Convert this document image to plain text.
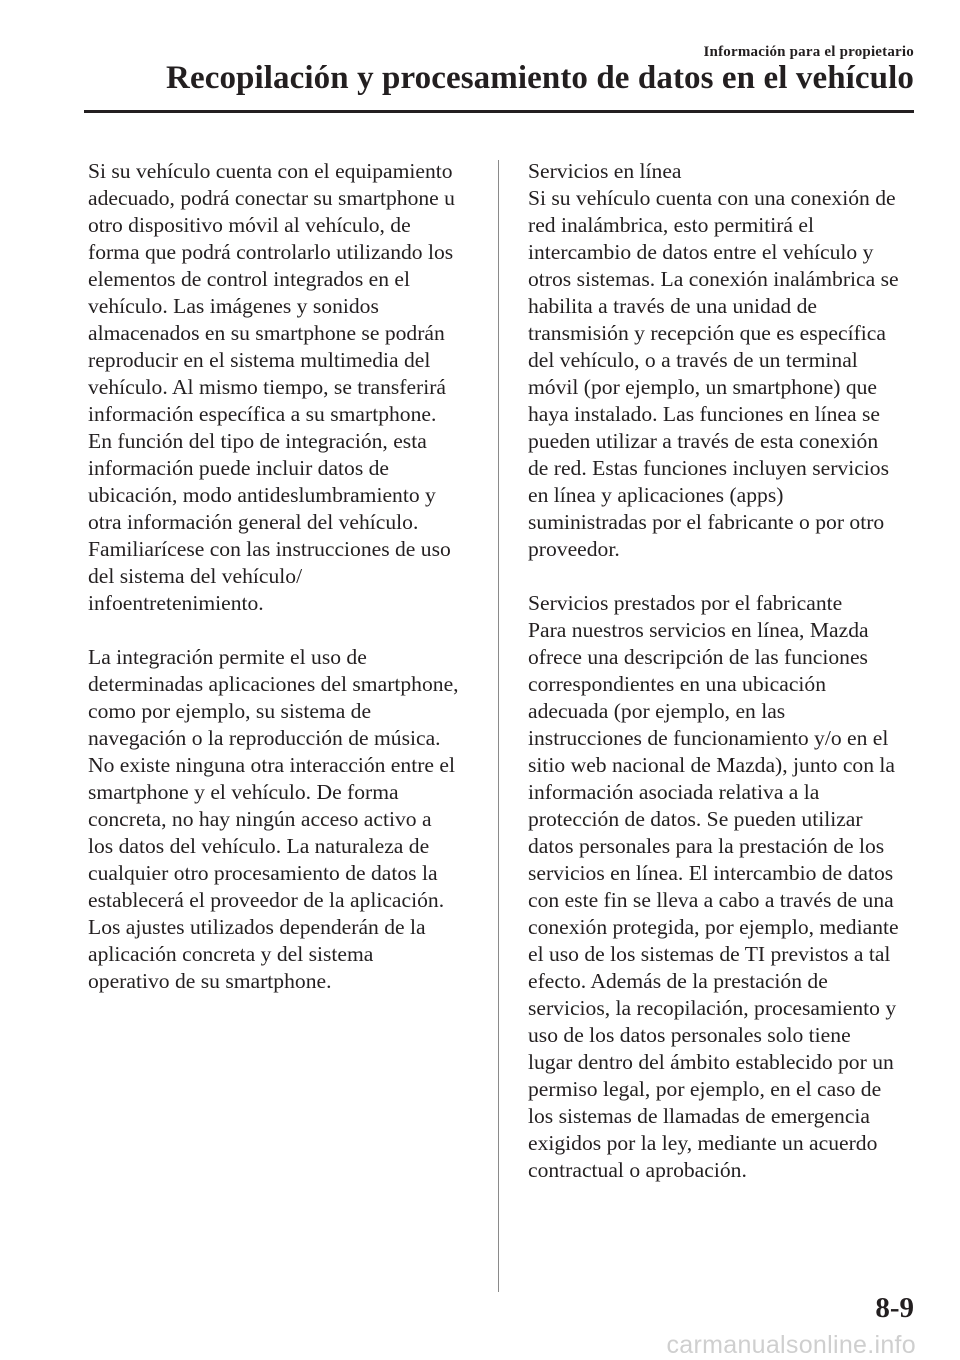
Información para el propietario
Recopilación y procesamiento de datos en el vehículo

Si su vehículo cuenta con el equipamiento
adecuado, podrá conectar su smartphone u
otro dispositivo móvil al vehículo, de
forma que podrá controlarlo utilizando los
elementos de control integrados en el
vehículo. Las imágenes y sonidos
almacenados en su smartphone se podrán
reproducir en el sistema multimedia del
vehículo. Al mismo tiempo, se transferirá
información específica a su smartphone.
En función del tipo de integración, esta
información puede incluir datos de
ubicación, modo antideslumbramiento y
otra información general del vehículo.
Familiarícese con las instrucciones de uso
del sistema del vehículo/
infoentretenimiento.

La integración permite el uso de
determinadas aplicaciones del smartphone,
como por ejemplo, su sistema de
navegación o la reproducción de música.
No existe ninguna otra interacción entre el
smartphone y el vehículo. De forma
concreta, no hay ningún acceso activo a
los datos del vehículo. La naturaleza de
cualquier otro procesamiento de datos la
establecerá el proveedor de la aplicación.
Los ajustes utilizados dependerán de la
aplicación concreta y del sistema
operativo de su smartphone.

Servicios en línea
Si su vehículo cuenta con una conexión de
red inalámbrica, esto permitirá el
intercambio de datos entre el vehículo y
otros sistemas. La conexión inalámbrica se
habilita a través de una unidad de
transmisión y recepción que es específica
del vehículo, o a través de un terminal
móvil (por ejemplo, un smartphone) que
haya instalado. Las funciones en línea se
pueden utilizar a través de esta conexión
de red. Estas funciones incluyen servicios
en línea y aplicaciones (apps)
suministradas por el fabricante o por otro
proveedor.

Servicios prestados por el fabricante
Para nuestros servicios en línea, Mazda
ofrece una descripción de las funciones
correspondientes en una ubicación
adecuada (por ejemplo, en las
instrucciones de funcionamiento y/o en el
sitio web nacional de Mazda), junto con la
información asociada relativa a la
protección de datos. Se pueden utilizar
datos personales para la prestación de los
servicios en línea. El intercambio de datos
con este fin se lleva a cabo a través de una
conexión protegida, por ejemplo, mediante
el uso de los sistemas de TI previstos a tal
efecto. Además de la prestación de
servicios, la recopilación, procesamiento y
uso de los datos personales solo tiene
lugar dentro del ámbito establecido por un
permiso legal, por ejemplo, en el caso de
los sistemas de llamadas de emergencia
exigidos por la ley, mediante un acuerdo
contractual o aprobación.

8-9
carmanualsonline.info
